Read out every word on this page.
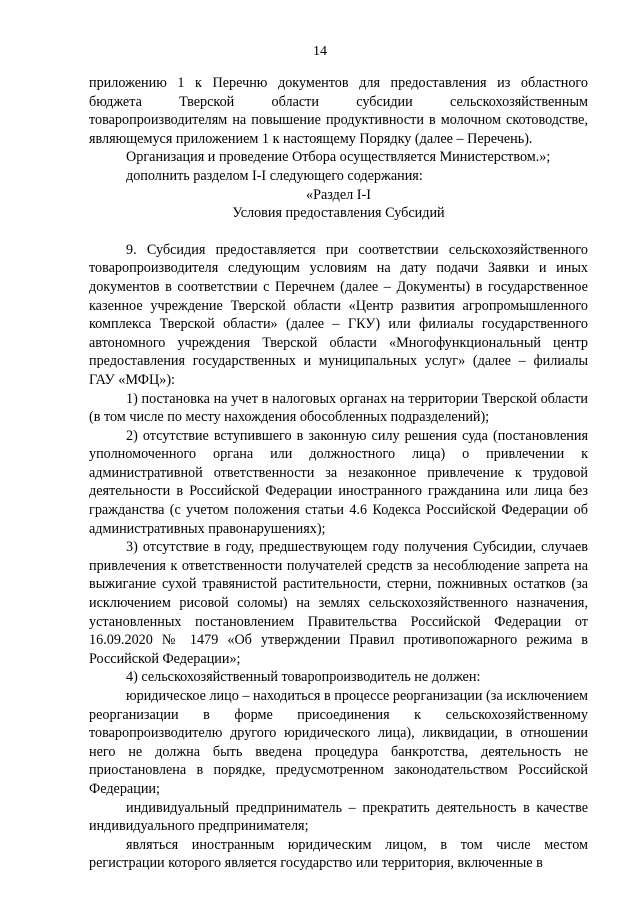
14

приложению 1 к Перечню документов для предоставления из областного бюджета Тверской области субсидии сельскохозяйственным товаропроизводителям на повышение продуктивности в молочном скотоводстве, являющемуся приложением 1 к настоящему Порядку (далее – Перечень).

Организация и проведение Отбора осуществляется Министерством.»;

дополнить разделом I-I следующего содержания:

«Раздел I-I

Условия предоставления Субсидий

9. Субсидия предоставляется при соответствии сельскохозяйственного товаропроизводителя следующим условиям на дату подачи Заявки и иных документов в соответствии с Перечнем (далее – Документы) в государственное казенное учреждение Тверской области «Центр развития агропромышленного комплекса Тверской области» (далее – ГКУ) или филиалы государственного автономного учреждения Тверской области «Многофункциональный центр предоставления государственных и муниципальных услуг» (далее – филиалы ГАУ «МФЦ»):

1) постановка на учет в налоговых органах на территории Тверской области (в том числе по месту нахождения обособленных подразделений);

2) отсутствие вступившего в законную силу решения суда (постановления уполномоченного органа или должностного лица) о привлечении к административной ответственности за незаконное привлечение к трудовой деятельности в Российской Федерации иностранного гражданина или лица без гражданства (с учетом положения статьи 4.6 Кодекса Российской Федерации об административных правонарушениях);

3) отсутствие в году, предшествующем году получения Субсидии, случаев привлечения к ответственности получателей средств за несоблюдение запрета на выжигание сухой травянистой растительности, стерни, пожнивных остатков (за исключением рисовой соломы) на землях сельскохозяйственного назначения, установленных постановлением Правительства Российской Федерации от 16.09.2020 № 1479 «Об утверждении Правил противопожарного режима в Российской Федерации»;

4) сельскохозяйственный товаропроизводитель не должен:

юридическое лицо – находиться в процессе реорганизации (за исключением реорганизации в форме присоединения к сельскохозяйственному товаропроизводителю другого юридического лица), ликвидации, в отношении него не должна быть введена процедура банкротства, деятельность не приостановлена в порядке, предусмотренном законодательством Российской Федерации;

индивидуальный предприниматель – прекратить деятельность в качестве индивидуального предпринимателя;

являться иностранным юридическим лицом, в том числе местом регистрации которого является государство или территория, включенные в
